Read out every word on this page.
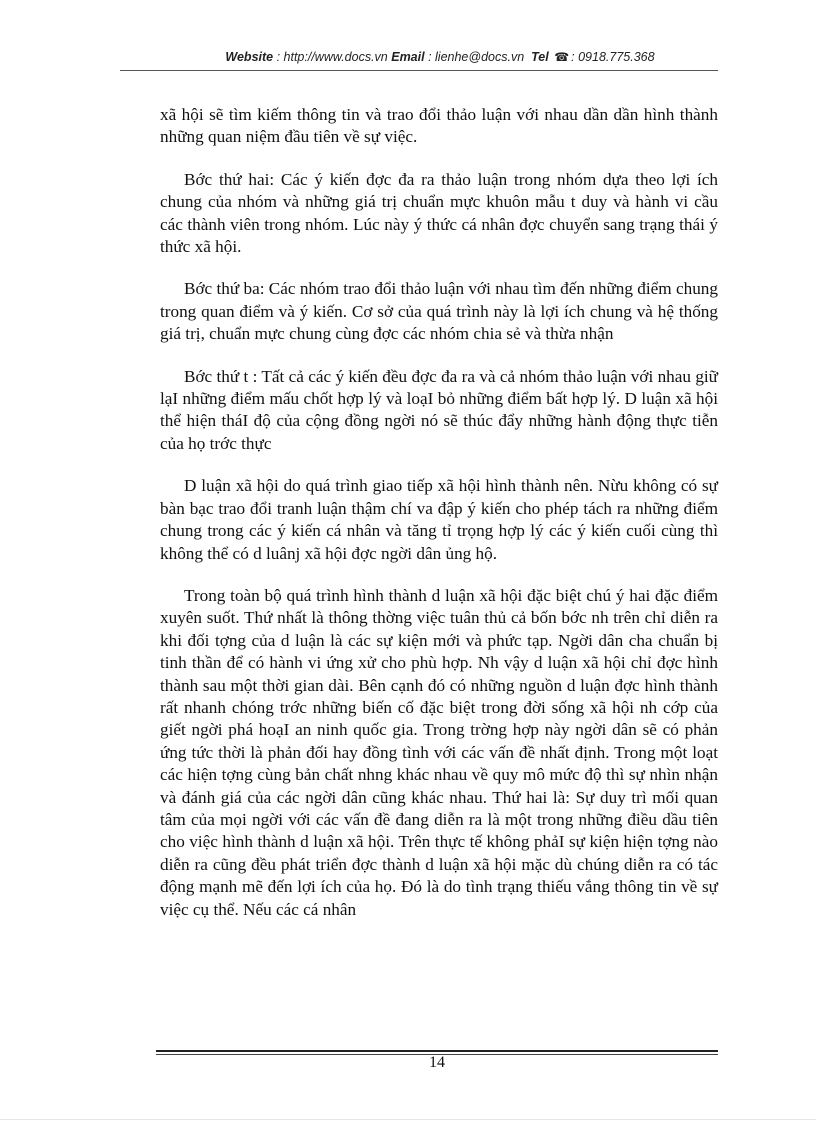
Website : http://www.docs.vn Email : lienhe@docs.vn Tel ☎ : 0918.775.368

xã hội sẽ tìm kiếm thông tin và trao đổi thảo luận với nhau dần dần hình thành những quan niệm đầu tiên về sự việc.

Bớc thứ hai: Các ý kiến đợc đa ra thảo luận trong nhóm dựa theo lợi ích chung của nhóm và những giá trị chuẩn mực khuôn mẫu t duy và hành vi cầu các thành viên trong nhóm. Lúc này ý thức cá nhân đợc chuyển sang trạng thái ý thức xã hội.

Bớc thứ ba: Các nhóm trao đổi thảo luận với nhau tìm đến những điểm chung trong quan điểm và ý kiến. Cơ sở của quá trình này là lợi ích chung và hệ thống giá trị, chuẩn mực chung cùng đợc các nhóm chia sẻ và thừa nhận

Bớc thứ t : Tất cả các ý kiến đều đợc đa ra và cả nhóm thảo luận với nhau giữ lạI những điểm mấu chốt hợp lý và loạI bỏ những điểm bất hợp lý. D luận xã hội thể hiện tháI độ của cộng đồng ngời nó sẽ thúc đẩy những hành động thực tiễn của họ trớc thực

D luận xã hội do quá trình giao tiếp xã hội hình thành nên. Nừu không có sự bàn bạc trao đổi tranh luận thậm chí va đập ý kiến cho phép tách ra những điểm chung trong các ý kiến cá nhân và tăng tỉ trọng hợp lý các ý kiến cuối cùng thì không thể có d luânj xã hội đợc ngời dân ủng hộ.

Trong toàn bộ quá trình hình thành d luận xã hội đặc biệt chú ý hai đặc điểm xuyên suốt. Thứ nhất là thông thờng việc tuân thủ cả bốn bớc nh trên chỉ diễn ra khi đối tợng của d luận là các sự kiện mới và phức tạp. Ngời dân cha chuẩn bị tinh thần để có hành vi ứng xử cho phù hợp. Nh vậy d luận xã hội chỉ đợc hình thành sau một thời gian dài. Bên cạnh đó có những nguồn d luận đợc hình thành rất nhanh chóng trớc những biến cố đặc biệt trong đời sống xã hội nh cớp của giết ngời phá hoạI an ninh quốc gia. Trong trờng hợp này ngời dân sẽ có phản ứng tức thời là phản đối hay đồng tình với các vấn đề nhất định. Trong một loạt các hiện tợng cùng bản chất nhng khác nhau về quy mô mức độ thì sự nhìn nhận và đánh giá của các ngời dân cũng khác nhau. Thứ hai là: Sự duy trì mối quan tâm của mọi ngời với các vấn đề đang diễn ra là một trong những điều dầu tiên cho việc hình thành d luận xã hội. Trên thực tế không phảI sự kiện hiện tợng nào diễn ra cũng đều phát triển đợc thành d luận xã hội mặc dù chúng diễn ra có tác động mạnh mẽ đến lợi ích của họ. Đó là do tình trạng thiếu vắng thông tin về sự việc cụ thể. Nếu các cá nhân

14
